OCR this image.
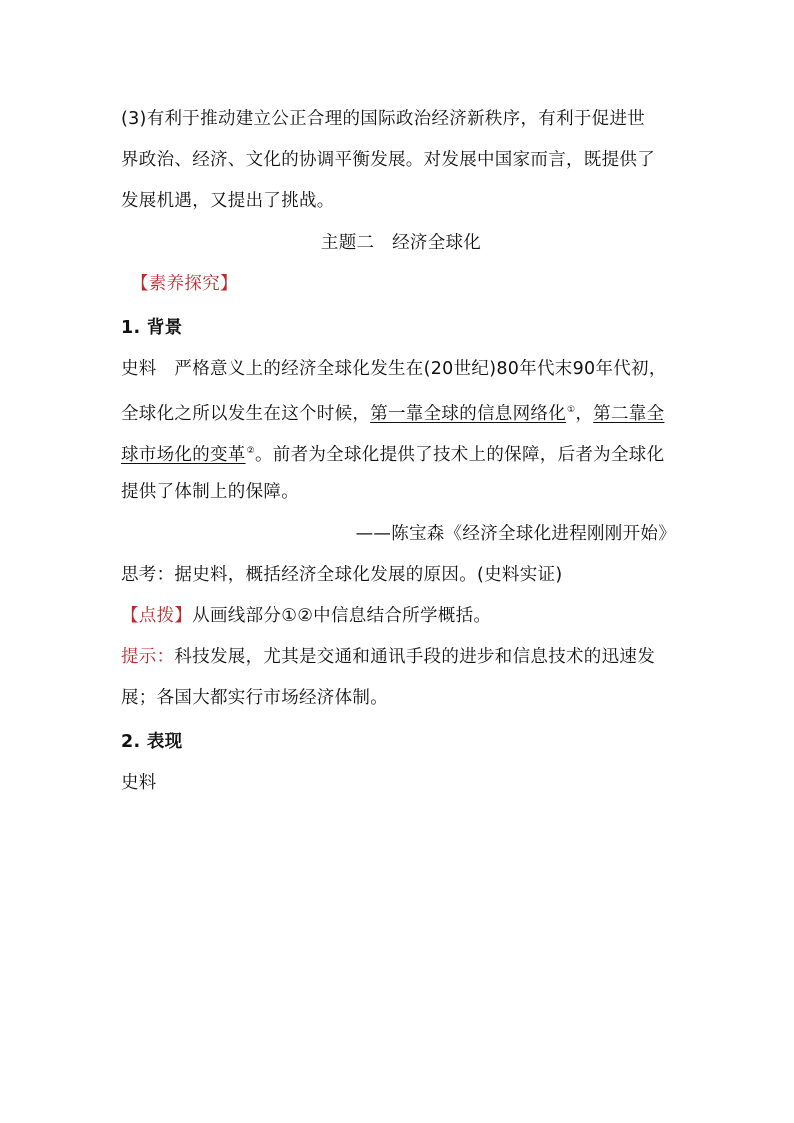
(3)有利于推动建立公正合理的国际政治经济新秩序，有利于促进世
界政治、经济、文化的协调平衡发展。对发展中国家而言，既提供了
发展机遇，又提出了挑战。
主题二　经济全球化
【素养探究】
1. 背景
史料　严格意义上的经济全球化发生在(20世纪)80年代末90年代初，
全球化之所以发生在这个时候，第一靠全球的信息网络化①，第二靠全
球市场化的变革②。前者为全球化提供了技术上的保障，后者为全球化
提供了体制上的保障。
——陈宝森《经济全球化进程刚刚开始》
思考：据史料，概括经济全球化发展的原因。(史料实证)
【点拨】从画线部分①②中信息结合所学概括。
提示：科技发展，尤其是交通和通讯手段的进步和信息技术的迅速发
展；各国大都实行市场经济体制。
2. 表现
史料
